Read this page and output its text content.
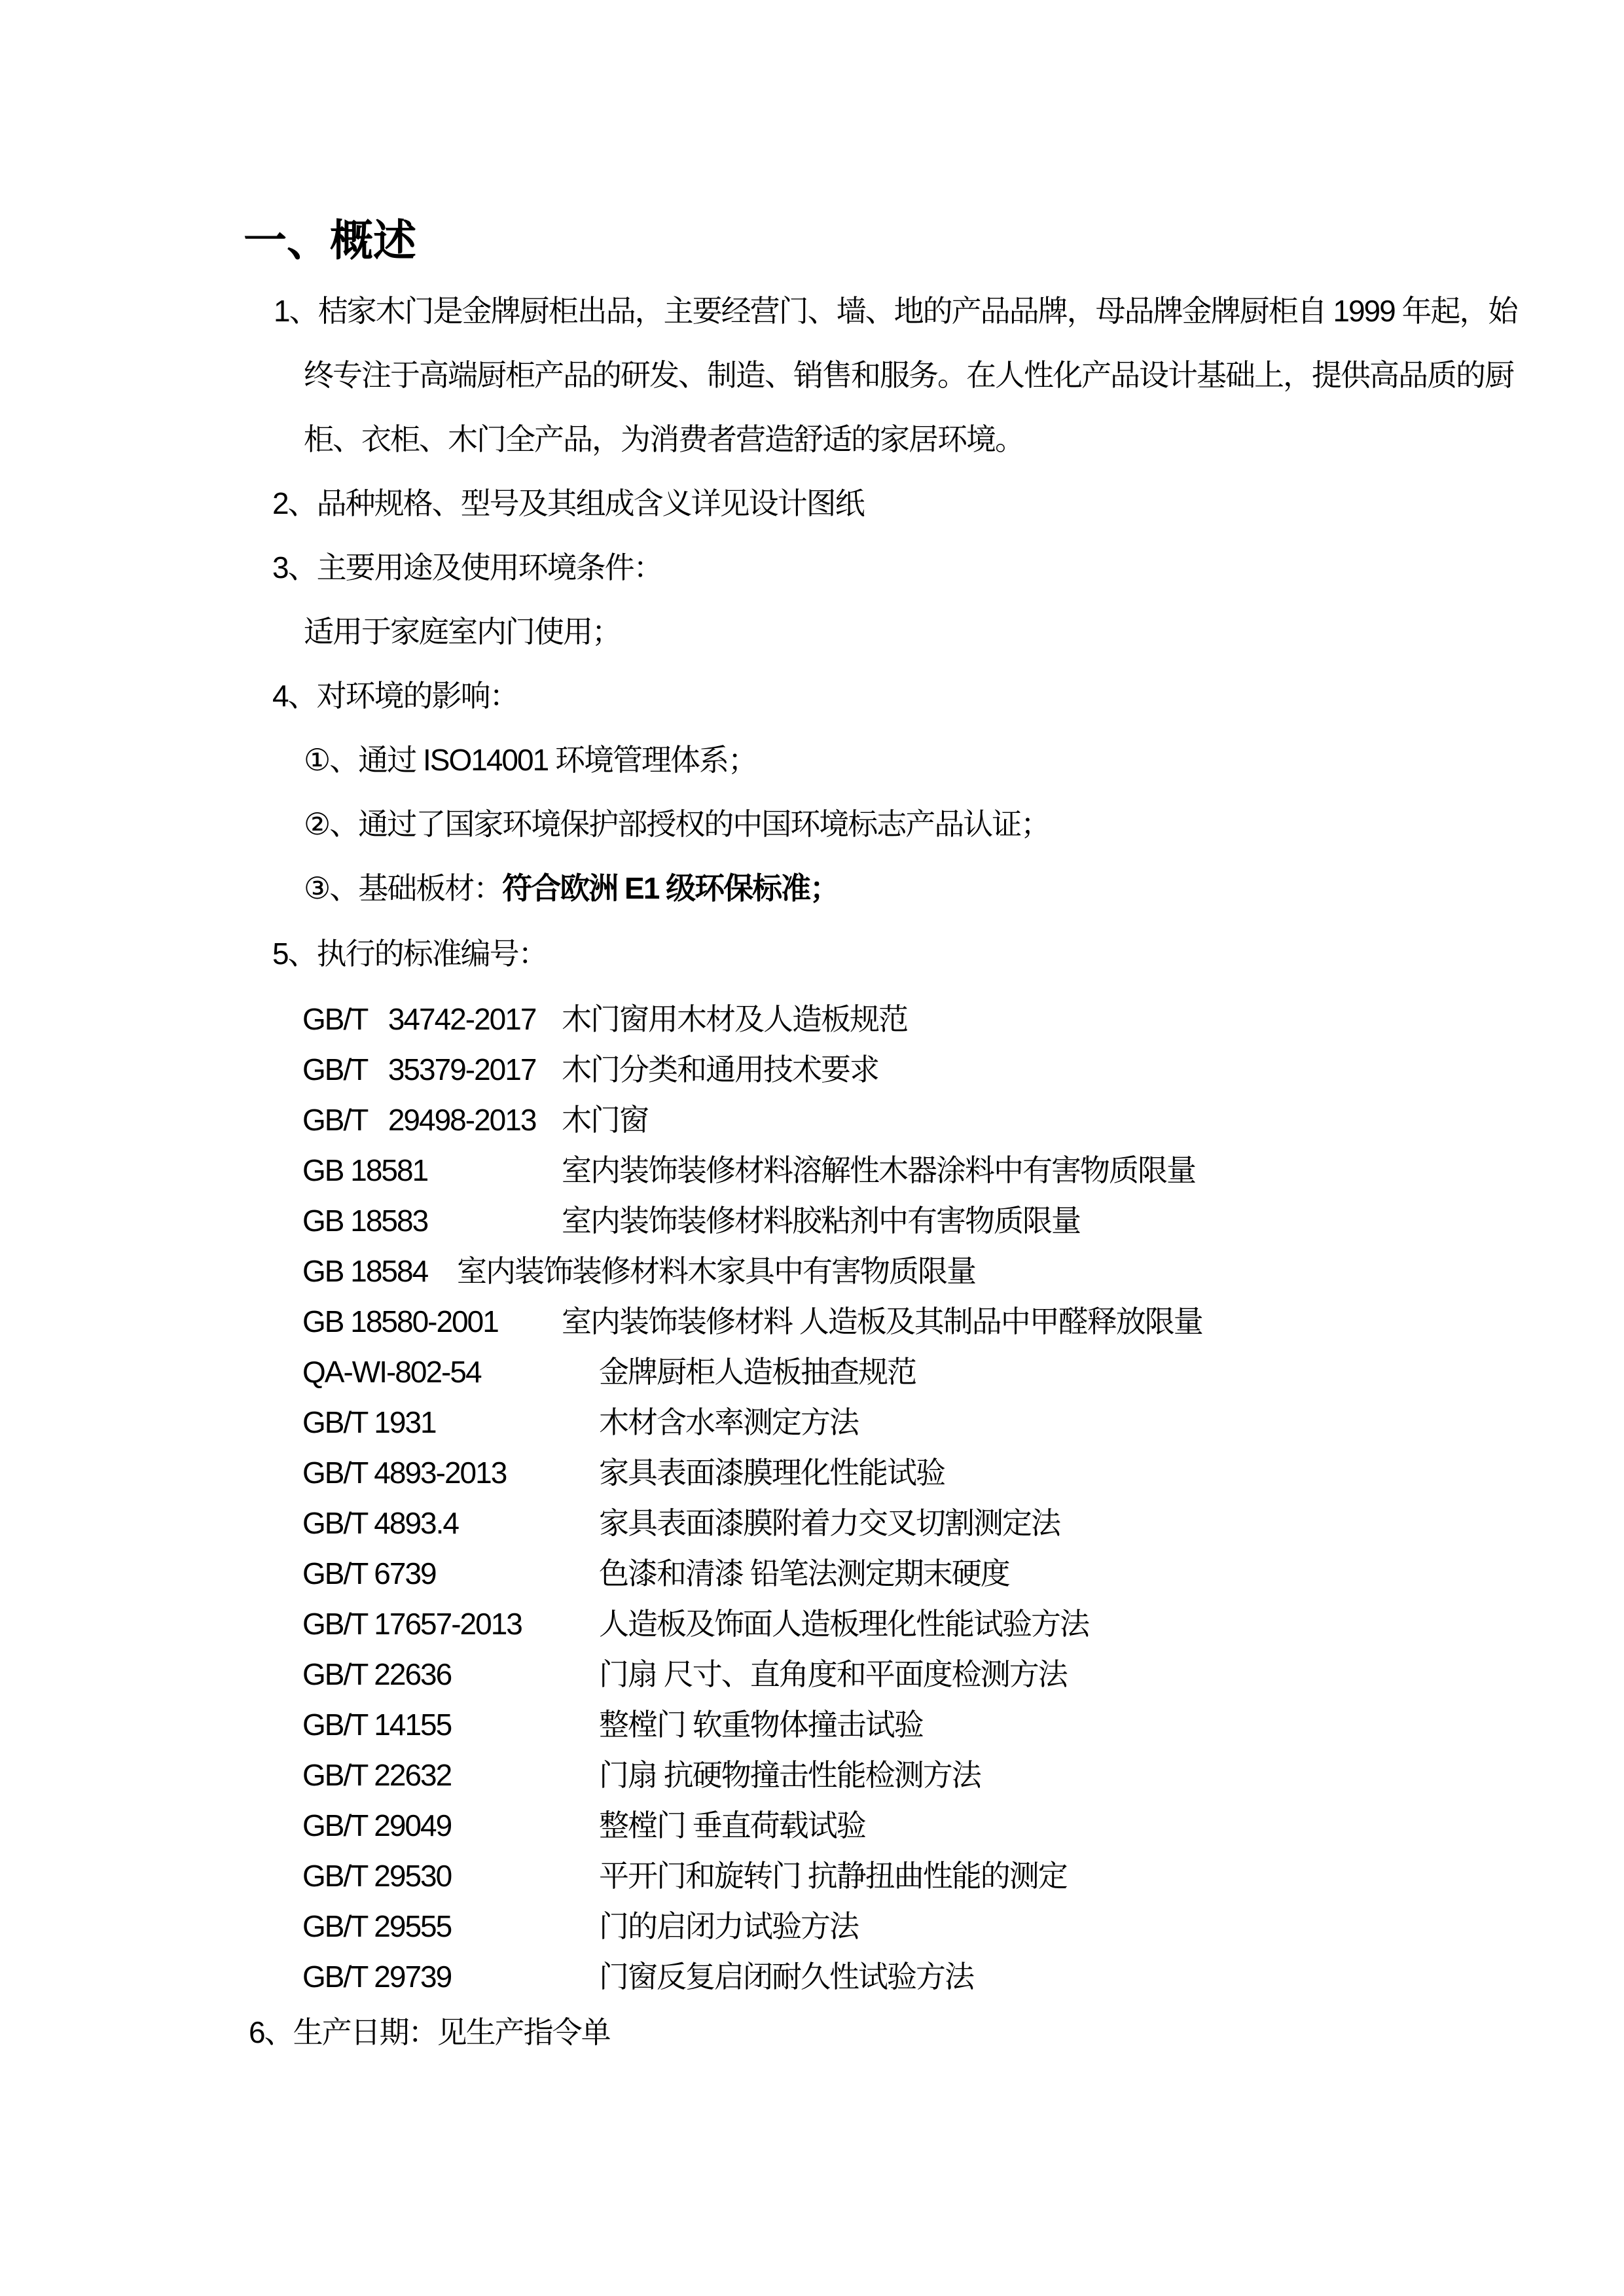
一、概述
1、桔家木门是金牌厨柜出品，主要经营门、墙、地的产品品牌，母品牌金牌厨柜自 1999 年起，始
终专注于高端厨柜产品的研发、制造、销售和服务。在人性化产品设计基础上，提供高品质的厨
柜、衣柜、木门全产品，为消费者营造舒适的家居环境。
2、品种规格、型号及其组成含义详见设计图纸
3、主要用途及使用环境条件：
适用于家庭室内门使用；
4、对环境的影响：
①、通过 ISO14001 环境管理体系；
②、通过了国家环境保护部授权的中国环境标志产品认证；
③、基础板材：符合欧洲 E1 级环保标准；
5、执行的标准编号：
GB/T   34742-2017 木门窗用木材及人造板规范
GB/T   35379-2017 木门分类和通用技术要求
GB/T   29498-2013 木门窗
GB 18581	室内装饰装修材料溶解性木器涂料中有害物质限量
GB 18583	室内装饰装修材料胶粘剂中有害物质限量
GB 18584 室内装饰装修材料木家具中有害物质限量
GB 18580-2001 室内装饰装修材料 人造板及其制品中甲醛释放限量
QA-WI-802-54	金牌厨柜人造板抽查规范
GB/T 1931	木材含水率测定方法
GB/T 4893-2013	家具表面漆膜理化性能试验
GB/T 4893.4	家具表面漆膜附着力交叉切割测定法
GB/T 6739	色漆和清漆 铅笔法测定期末硬度
GB/T 17657-2013	人造板及饰面人造板理化性能试验方法
GB/T 22636	门扇 尺寸、直角度和平面度检测方法
GB/T 14155	整樘门 软重物体撞击试验
GB/T 22632	门扇 抗硬物撞击性能检测方法
GB/T 29049	整樘门 垂直荷载试验
GB/T 29530	平开门和旋转门 抗静扭曲性能的测定
GB/T 29555	门的启闭力试验方法
GB/T 29739	门窗反复启闭耐久性试验方法
6、生产日期：见生产指令单
